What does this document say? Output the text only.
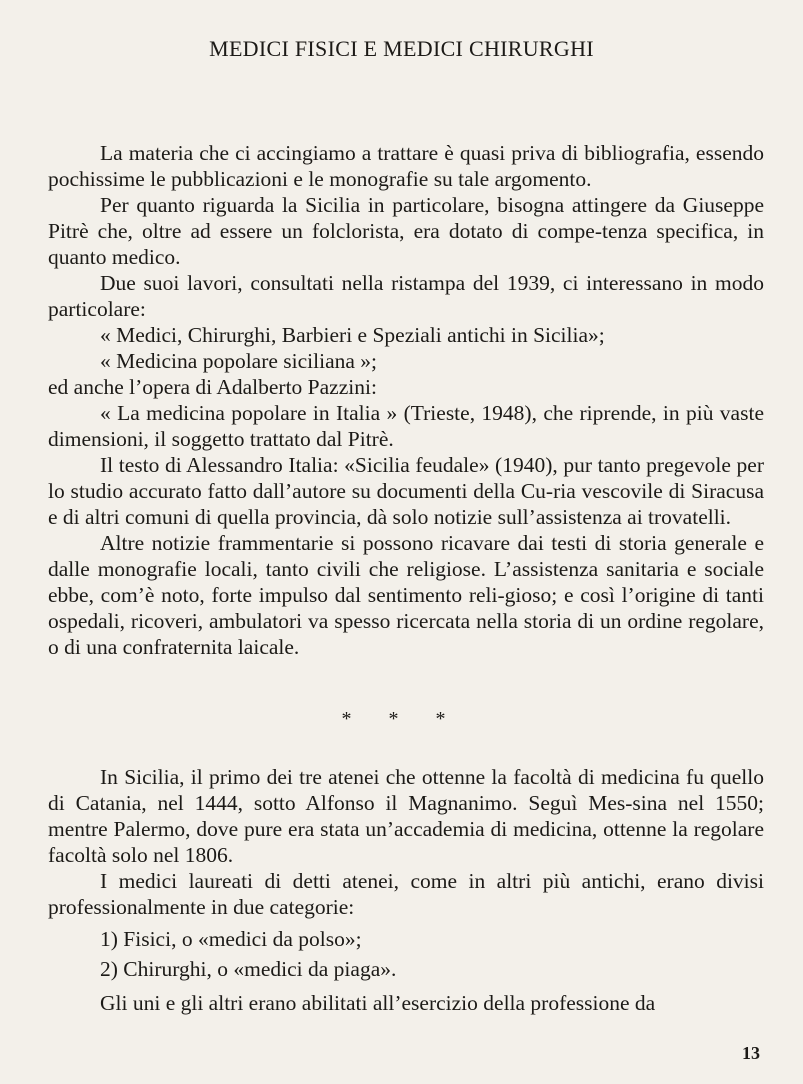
MEDICI FISICI E MEDICI CHIRURGHI

La materia che ci accingiamo a trattare è quasi priva di bibliografia, essendo pochissime le pubblicazioni e le monografie su tale argomento.

Per quanto riguarda la Sicilia in particolare, bisogna attingere da Giuseppe Pitrè che, oltre ad essere un folclorista, era dotato di compe-tenza specifica, in quanto medico.

Due suoi lavori, consultati nella ristampa del 1939, ci interessano in modo particolare:

« Medici, Chirurghi, Barbieri e Speziali antichi in Sicilia»;

« Medicina popolare siciliana »;

ed anche l’opera di Adalberto Pazzini:

« La medicina popolare in Italia » (Trieste, 1948), che riprende, in più vaste dimensioni, il soggetto trattato dal Pitrè.

Il testo di Alessandro Italia: «Sicilia feudale» (1940), pur tanto pregevole per lo studio accurato fatto dall’autore su documenti della Cu-ria vescovile di Siracusa e di altri comuni di quella provincia, dà solo notizie sull’assistenza ai trovatelli.

Altre notizie frammentarie si possono ricavare dai testi di storia generale e dalle monografie locali, tanto civili che religiose. L’assistenza sanitaria e sociale ebbe, com’è noto, forte impulso dal sentimento reli-gioso; e così l’origine di tanti ospedali, ricoveri, ambulatori va spesso ricercata nella storia di un ordine regolare, o di una confraternita laicale.

* * *

In Sicilia, il primo dei tre atenei che ottenne la facoltà di medicina fu quello di Catania, nel 1444, sotto Alfonso il Magnanimo. Seguì Mes-sina nel 1550; mentre Palermo, dove pure era stata un’accademia di medicina, ottenne la regolare facoltà solo nel 1806.

I medici laureati di detti atenei, come in altri più antichi, erano divisi professionalmente in due categorie:

1) Fisici, o «medici da polso»;

2) Chirurghi, o «medici da piaga».

Gli uni e gli altri erano abilitati all’esercizio della professione da

13
